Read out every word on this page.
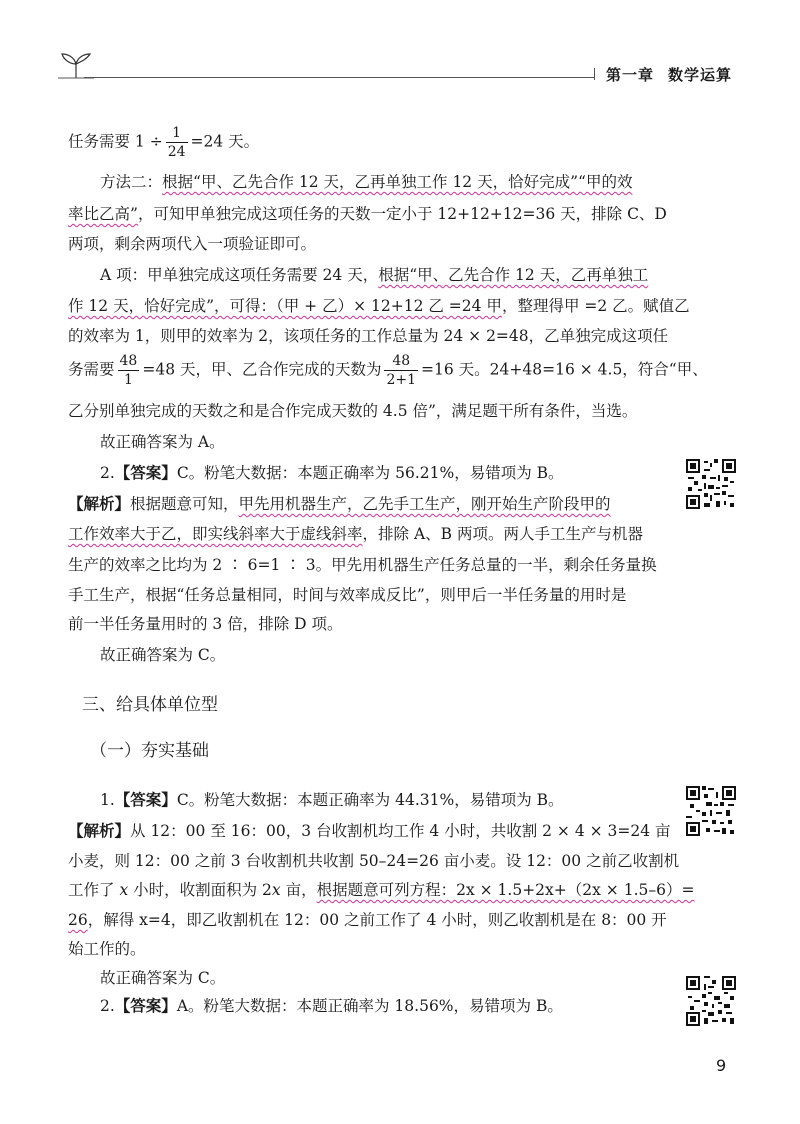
第一章 数学运算
任务需要 $1 \div \frac{1}{24} =24$ 天。
方法二：根据“甲、乙先合作 12 天，乙再单独工作 12 天，恰好完成”“甲的效
率比乙高”，可知甲单独完成这项任务的天数一定小于 12+12+12=36 天，排除 C、D
两项，剩余两项代入一项验证即可。
A 项：甲单独完成这项任务需要 24 天，根据“甲、乙先合作 12 天，乙再单独工
作 12 天，恰好完成”，可得：（甲 + 乙）× 12+12 乙 =24 甲，整理得甲 =2 乙。赋值乙
的效率为 1，则甲的效率为 2，该项任务的工作总量为 24 × 2=48，乙单独完成这项任
务需要 $\frac{48}{1} =48$ 天，甲、乙合作完成的天数为 $\frac{48}{2+1} =16$ 天。24+48=16 × 4.5，符合“甲、
乙分别单独完成的天数之和是合作完成天数的 4.5 倍”，满足题干所有条件，当选。
故正确答案为 A。
2.【答案】C。粉笔大数据：本题正确率为 56.21%，易错项为 B。
【解析】根据题意可知，甲先用机器生产，乙先手工生产，刚开始生产阶段甲的
工作效率大于乙，即实线斜率大于虚线斜率，排除 A、B 两项。两人手工生产与机器
生产的效率之比均为 2 ∶ 6=1 ∶ 3。甲先用机器生产任务总量的一半，剩余任务量换
手工生产，根据“任务总量相同，时间与效率成反比”，则甲后一半任务量的用时是
前一半任务量用时的 3 倍，排除 D 项。
故正确答案为 C。
三、给具体单位型
（一）夯实基础
1.【答案】C。粉笔大数据：本题正确率为 44.31%，易错项为 B。
【解析】从 12：00 至 16：00，3 台收割机均工作 4 小时，共收割 2 × 4 × 3=24 亩
小麦，则 12：00 之前 3 台收割机共收割 50–24=26 亩小麦。设 12：00 之前乙收割机
工作了 x 小时，收割面积为 2x 亩，根据题意可列方程：2x × 1.5+2x+（2x × 1.5–6）=
26，解得 x=4，即乙收割机在 12：00 之前工作了 4 小时，则乙收割机是在 8：00 开
始工作的。
故正确答案为 C。
2.【答案】A。粉笔大数据：本题正确率为 18.56%，易错项为 B。
9
